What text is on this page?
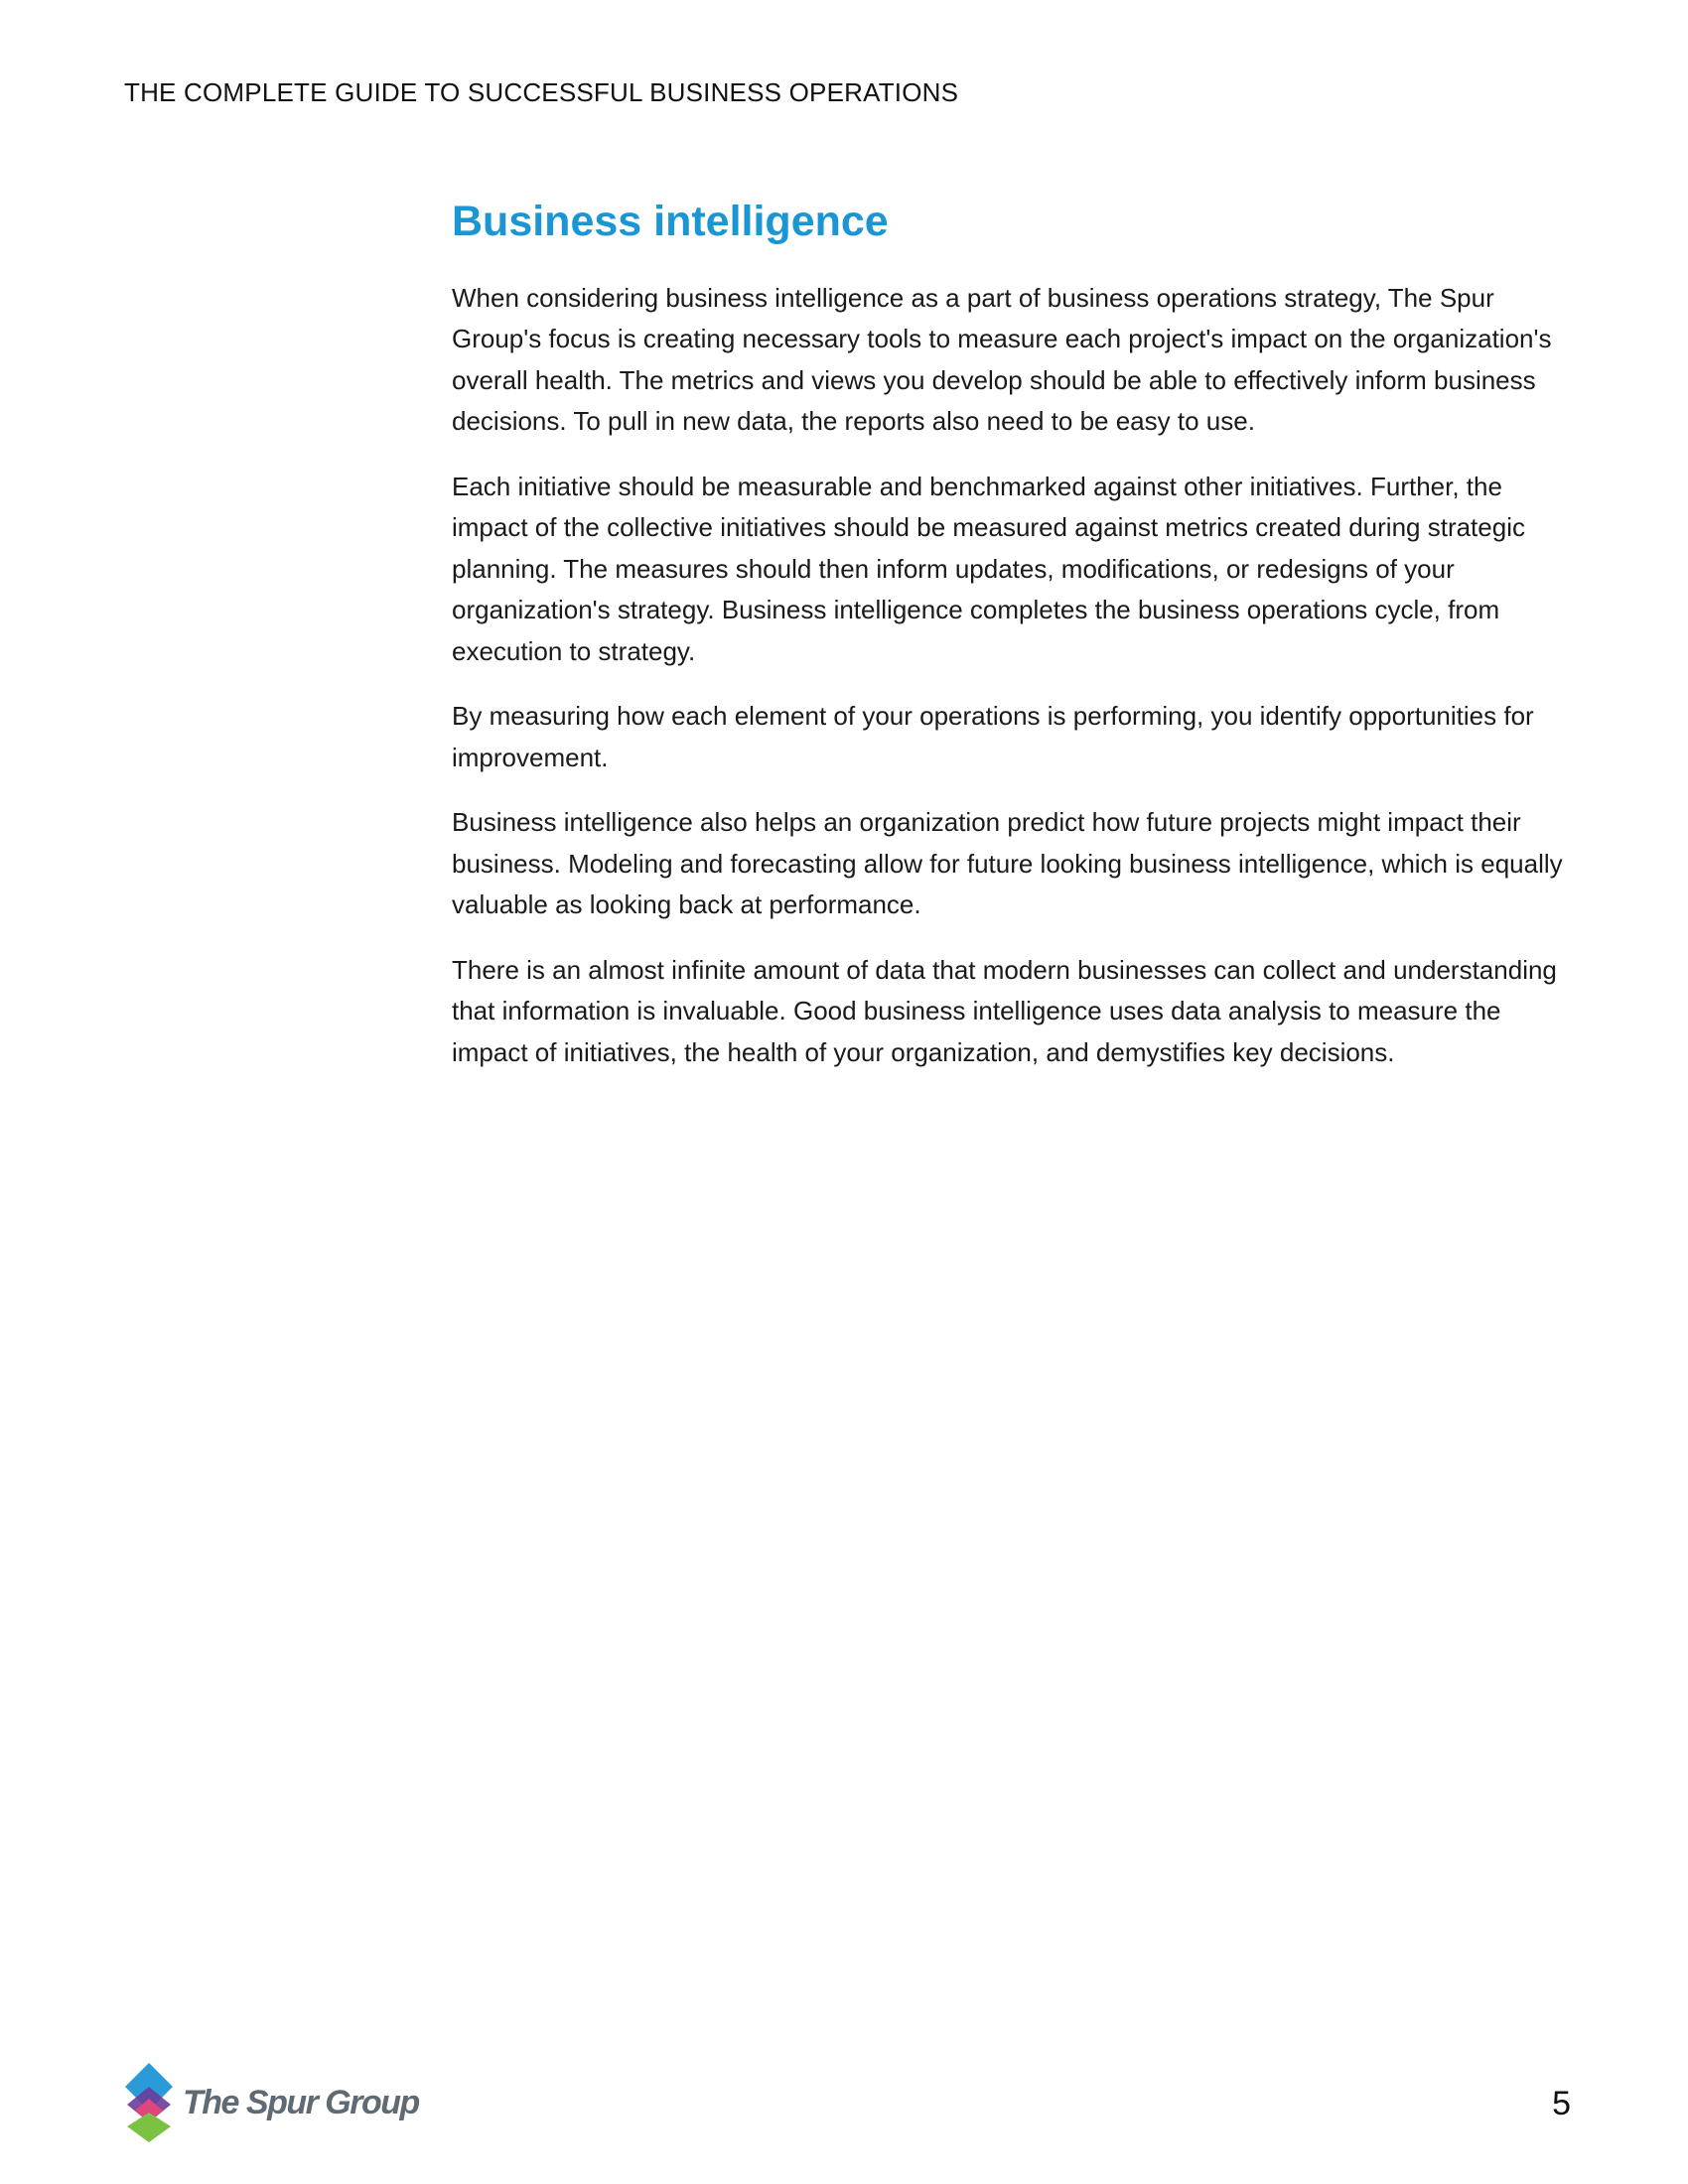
THE COMPLETE GUIDE TO SUCCESSFUL BUSINESS OPERATIONS
Business intelligence

When considering business intelligence as a part of business operations strategy, The Spur Group's focus is creating necessary tools to measure each project's impact on the organization's overall health. The metrics and views you develop should be able to effectively inform business decisions. To pull in new data, the reports also need to be easy to use.

Each initiative should be measurable and benchmarked against other initiatives. Further, the impact of the collective initiatives should be measured against metrics created during strategic planning. The measures should then inform updates, modifications, or redesigns of your organization's strategy. Business intelligence completes the business operations cycle, from execution to strategy.

By measuring how each element of your operations is performing, you identify opportunities for improvement.

Business intelligence also helps an organization predict how future projects might impact their business. Modeling and forecasting allow for future looking business intelligence, which is equally valuable as looking back at performance.

There is an almost infinite amount of data that modern businesses can collect and understanding that information is invaluable. Good business intelligence uses data analysis to measure the impact of initiatives, the health of your organization, and demystifies key decisions.

The Spur Group	5
